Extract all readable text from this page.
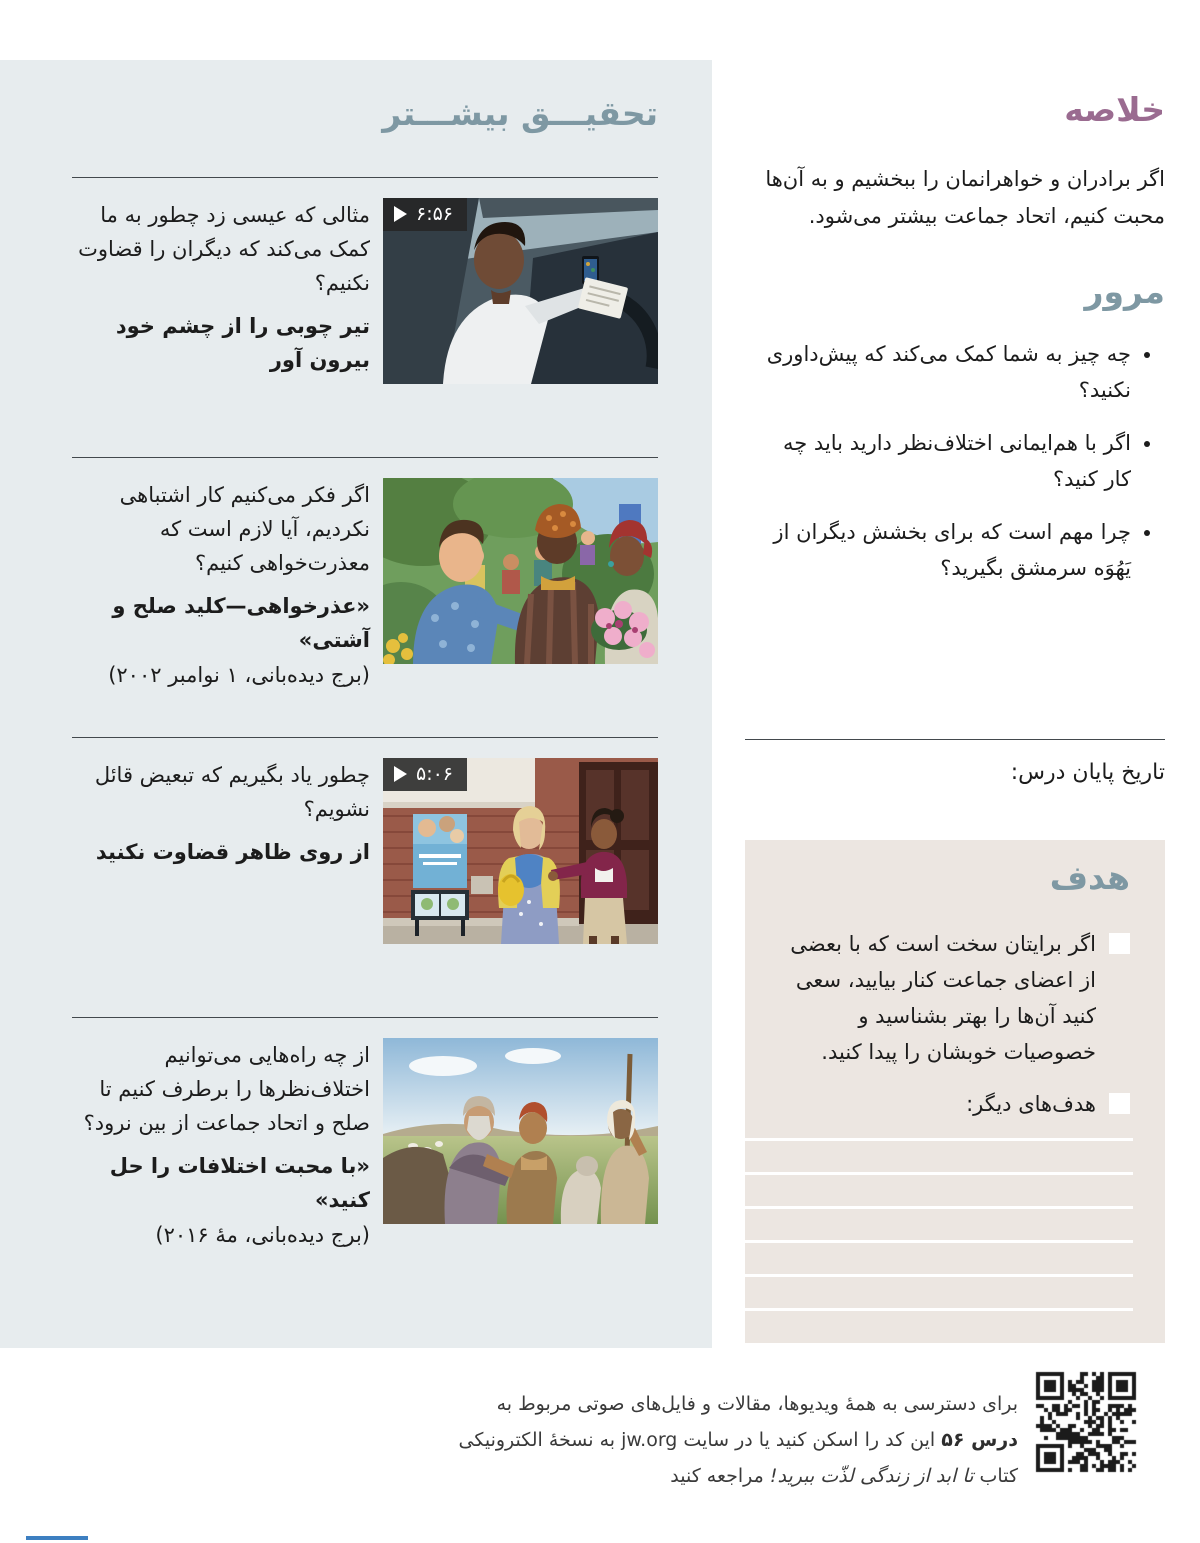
تحقیـــق بیشـــتر
۶:۵۶
مثالی که عیسی زد چطور به ما کمک می‌کند که دیگران را قضاوت نکنیم؟
تیر چوبی را از چشم خود بیرون آور
اگر فکر می‌کنیم کار اشتباهی نکردیم، آیا لازم است که معذرت‌خواهی کنیم؟
«عذرخواهی—کلید صلح و آشتی»
(برج دیده‌بانی، ۱ نوامبر ۲۰۰۲)
۵:۰۶
چطور یاد بگیریم که تبعیض قائل نشویم؟
از روی ظاهر قضاوت نکنید
از چه راه‌هایی می‌توانیم اختلاف‌نظرها را برطرف کنیم تا صلح و اتحاد جماعت از بین نرود؟
«با محبت اختلافات را حل کنید»
(برج دیده‌بانی، مهٔ ۲۰۱۶)
خلاصه
اگر برادران و خواهرانمان را ببخشیم و به آن‌ها محبت کنیم، اتحاد جماعت بیشتر می‌شود.
مرور
• چه چیز به شما کمک می‌کند که پیش‌داوری نکنید؟
• اگر با هم‌ایمانی اختلاف‌نظر دارید باید چه کار کنید؟
• چرا مهم است که برای بخشش دیگران از یَهُوَه سرمشق بگیرید؟
تاریخ پایان درس:
هدف
اگر برایتان سخت است که با بعضی از اعضای جماعت کنار بیایید، سعی کنید آن‌ها را بهتر بشناسید و خصوصیات خوبشان را پیدا کنید.
هدف‌های دیگر:
برای دسترسی به همهٔ ویدیوها، مقالات و فایل‌های صوتی مربوط به
درس ۵۶ این کد را اسکن کنید یا در سایت jw.org به نسخهٔ الکترونیکی
کتاب تا ابد از زندگی لذّت ببرید! مراجعه کنید
